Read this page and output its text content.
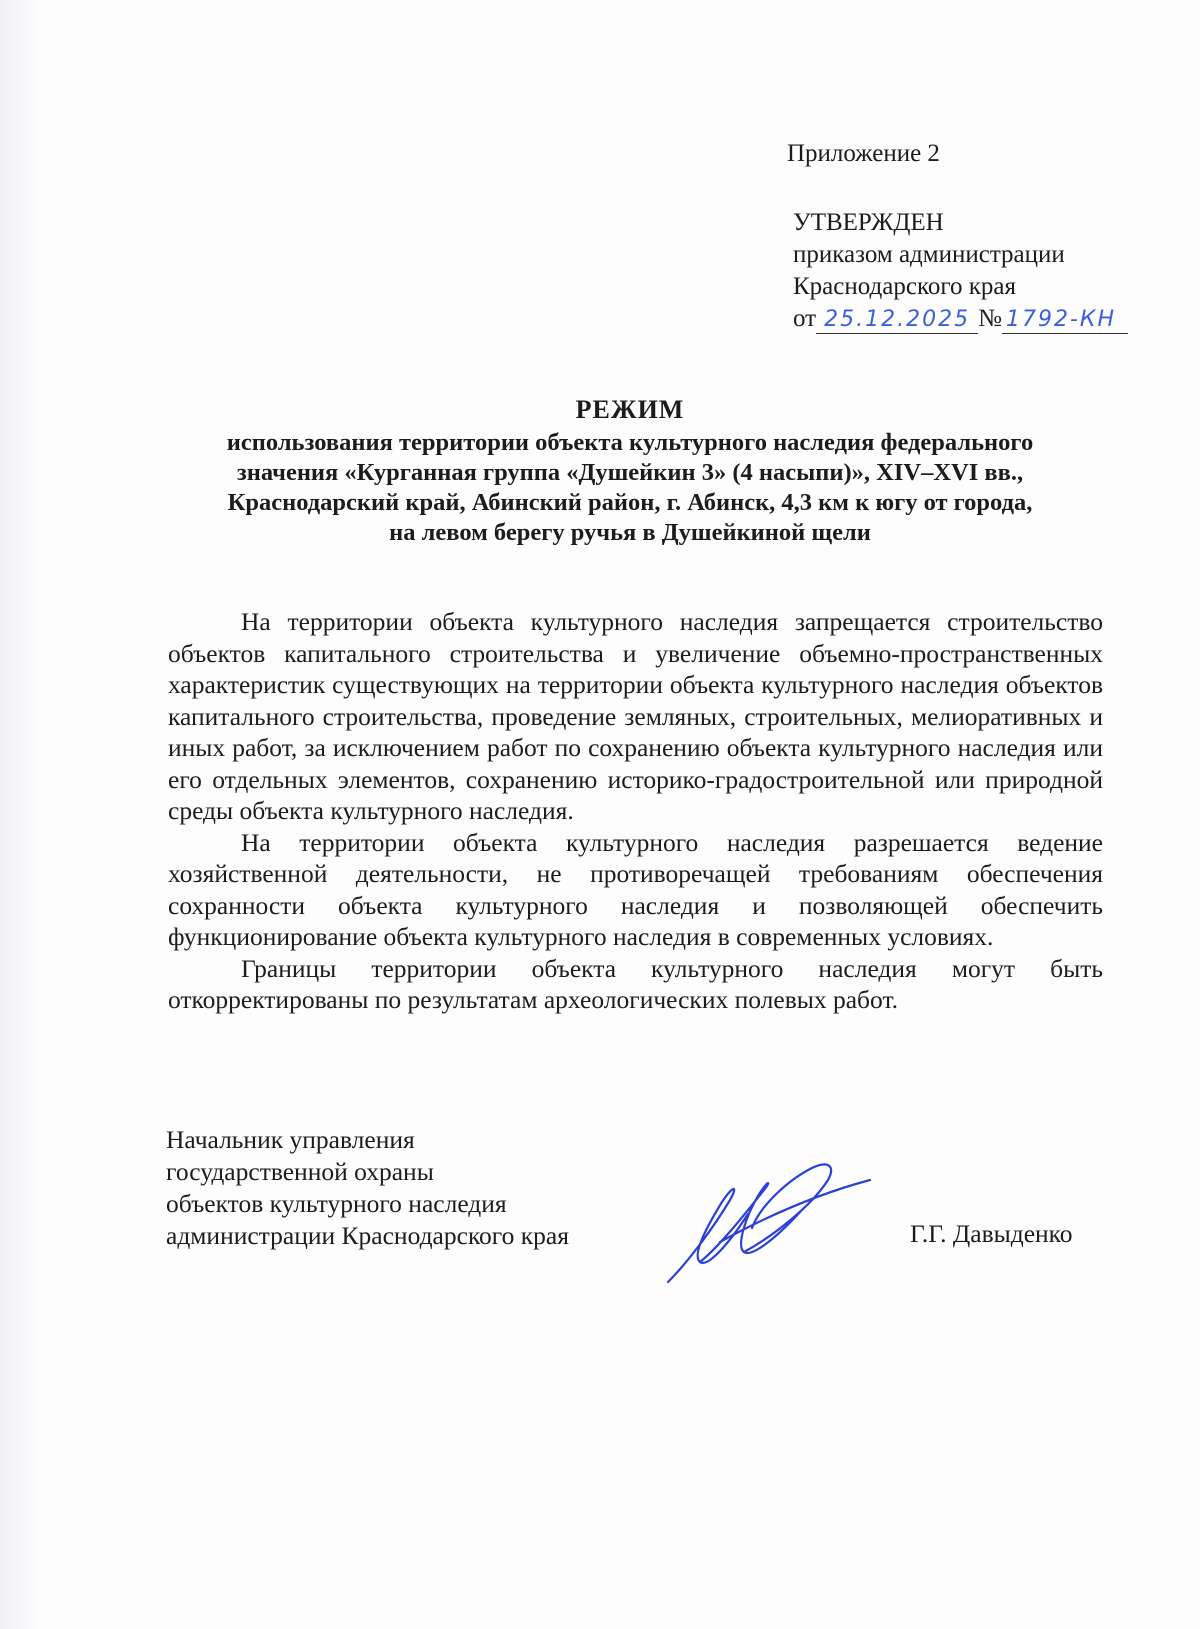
Приложение 2
УТВЕРЖДЕН
приказом администрации
Краснодарского края
от 25.12.2025 № 1792-КН
РЕЖИМ
использования территории объекта культурного наследия федерального
значения «Курганная группа «Душейкин 3» (4 насыпи)», XIV–XVI вв.,
Краснодарский край, Абинский район, г. Абинск, 4,3 км к югу от города,
на левом берегу ручья в Душейкиной щели

На территории объекта культурного наследия запрещается строительство объектов капитального строительства и увеличение объемно-пространственных характеристик существующих на территории объекта культурного наследия объектов капитального строительства, проведение земляных, строительных, мелиоративных и иных работ, за исключением работ по сохранению объекта культурного наследия или его отдельных элементов, сохранению историко-градостроительной или природной среды объекта культурного наследия.

На территории объекта культурного наследия разрешается ведение хозяйственной деятельности, не противоречащей требованиям обеспечения сохранности объекта культурного наследия и позволяющей обеспечить функционирование объекта культурного наследия в современных условиях.

Границы территории объекта культурного наследия могут быть откорректированы по результатам археологических полевых работ.

Начальник управления
государственной охраны
объектов культурного наследия
администрации Краснодарского края	Г.Г. Давыденко
